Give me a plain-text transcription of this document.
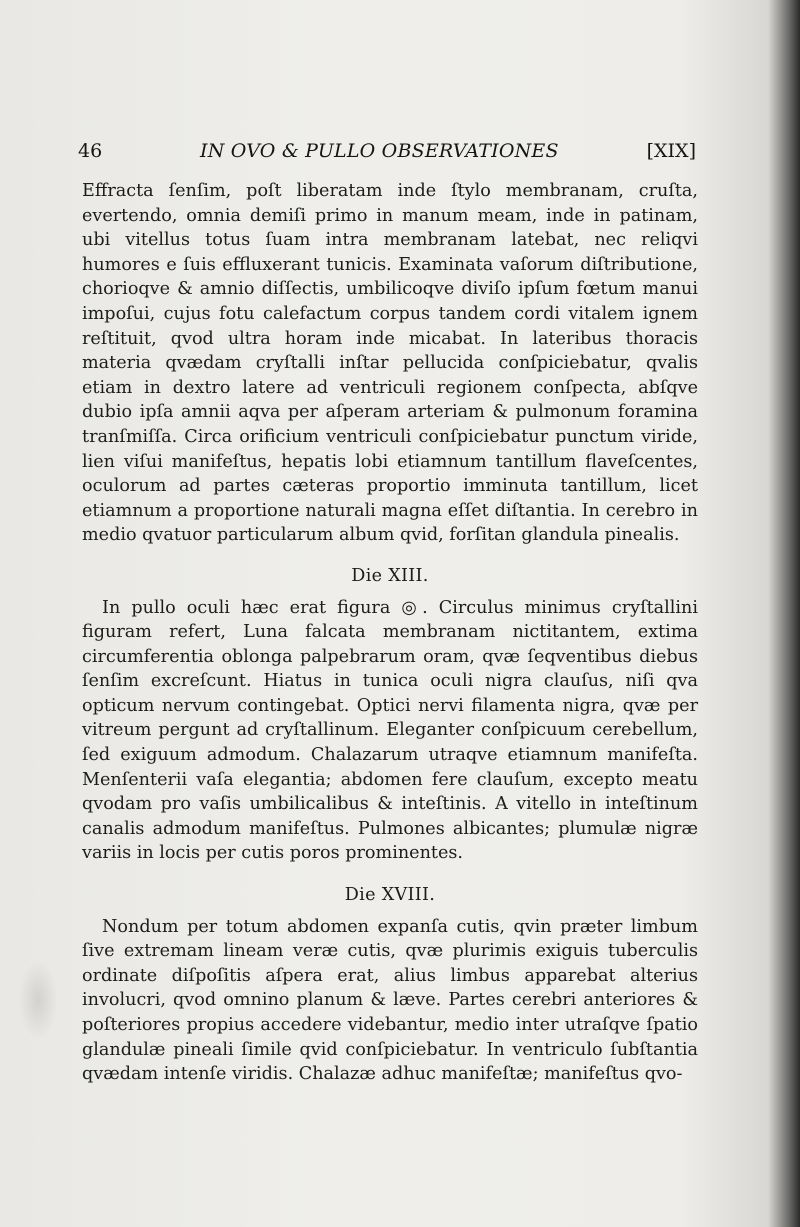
46	IN OVO & PULLO OBSERVATIONES	[XIX]

Effracta ſenſim, poſt liberatam inde ſtylo membranam, cruſta, evertendo, omnia demiſi primo in manum meam, inde in patinam, ubi vitellus totus ſuam intra membranam latebat, nec reliqvi humores e ſuis effluxerant tunicis. Examinata vaſorum diſtributione, chorioqve & amnio diſſectis, umbilicoqve diviſo ipſum fœtum manui impoſui, cujus fotu calefactum corpus tandem cordi vitalem ignem reſtituit, qvod ultra horam inde micabat. In lateribus thoracis materia qvædam cryſtalli inſtar pellucida conſpiciebatur, qvalis etiam in dextro latere ad ventriculi regionem conſpecta, abſqve dubio ipſa amnii aqva per aſperam arteriam & pulmonum foramina tranſmiſſa. Circa orificium ventriculi conſpiciebatur punctum viride, lien viſui manifeſtus, hepatis lobi etiamnum tantillum flaveſcentes, oculorum ad partes cæteras proportio imminuta tantillum, licet etiamnum a proportione naturali magna eſſet diſtantia. In cerebro in medio qvatuor particularum album qvid, forſitan glandula pinealis.

Die XIII.

In pullo oculi hæc erat figura ◎. Circulus minimus cryſtallini figuram refert, Luna falcata membranam nictitantem, extima circumferentia oblonga palpebrarum oram, qvæ ſeqventibus diebus ſenſim excreſcunt. Hiatus in tunica oculi nigra clauſus, niſi qva opticum nervum contingebat. Optici nervi filamenta nigra, qvæ per vitreum pergunt ad cryſtallinum. Eleganter conſpicuum cerebellum, ſed exiguum admodum. Chalazarum utraqve etiamnum manifeſta. Menſenterii vaſa elegantia; abdomen fere clauſum, excepto meatu qvodam pro vaſis umbilicalibus & inteſtinis. A vitello in inteſtinum canalis admodum manifeſtus. Pulmones albicantes; plumulæ nigræ variis in locis per cutis poros prominentes.

Die XVIII.

Nondum per totum abdomen expanſa cutis, qvin præter limbum ſive extremam lineam veræ cutis, qvæ plurimis exiguis tuberculis ordinate diſpoſitis aſpera erat, alius limbus apparebat alterius involucri, qvod omnino planum & læve. Partes cerebri anteriores & poſteriores propius accedere videbantur, medio inter utraſqve ſpatio glandulæ pineali ſimile qvid conſpiciebatur. In ventriculo ſubſtantia qvædam intenſe viridis. Chalazæ adhuc manifeſtæ; manifeſtus qvo-
